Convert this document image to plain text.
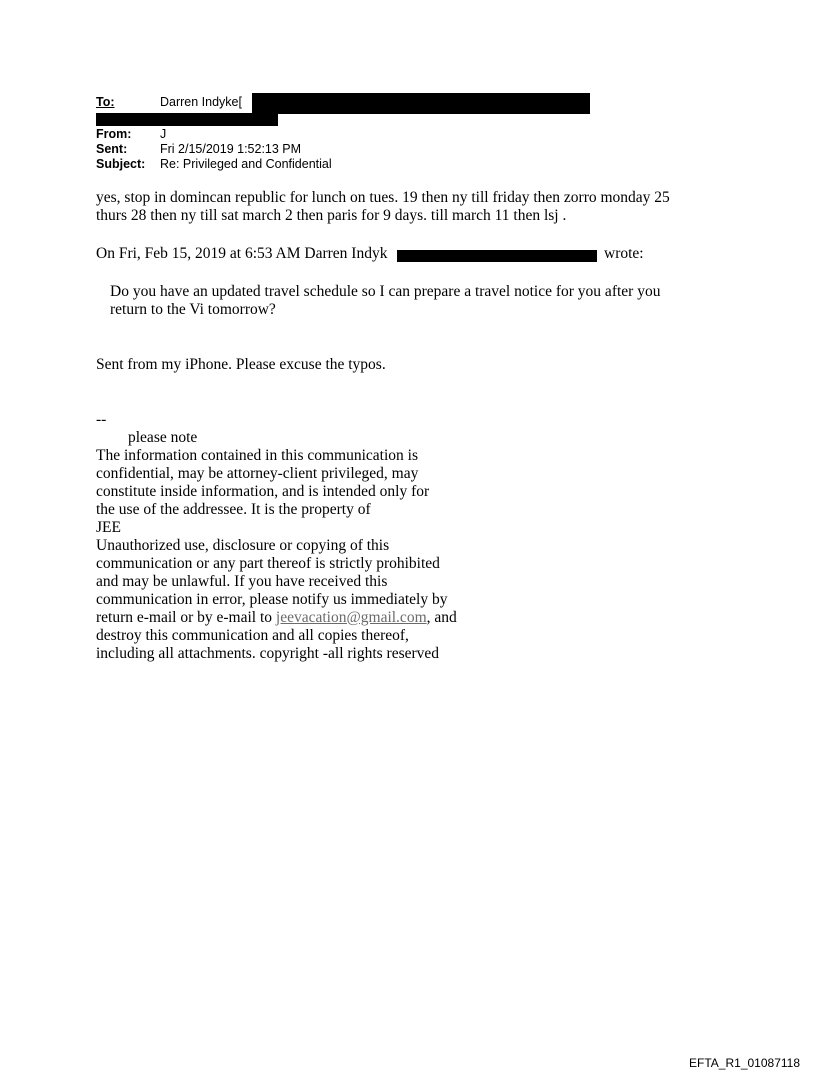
To:	Darren Indyke[
From: J
Sent:	Fri 2/15/2019 1:52:13 PM
Subject: Re: Privileged and Confidential
yes, stop in domincan republic for lunch on tues. 19 then ny till friday then zorro monday 25
thurs 28 then ny till sat march 2 then paris for 9 days. till march 11 then lsj .
On Fri, Feb 15, 2019 at 6:53 AM Darren Indyk	wrote:
Do you have an updated travel schedule so I can prepare a travel notice for you after you
return to the Vi tomorrow?
Sent from my iPhone. Please excuse the typos.
--
please note
The information contained in this communication is
confidential, may be attorney-client privileged, may
constitute inside information, and is intended only for
the use of the addressee. It is the property of
JEE
Unauthorized use, disclosure or copying of this
communication or any part thereof is strictly prohibited
and may be unlawful. If you have received this
communication in error, please notify us immediately by
return e-mail or by e-mail to jeevacation@gmail.com, and
destroy this communication and all copies thereof,
including all attachments. copyright -all rights reserved
EFTA_R1_01087118
